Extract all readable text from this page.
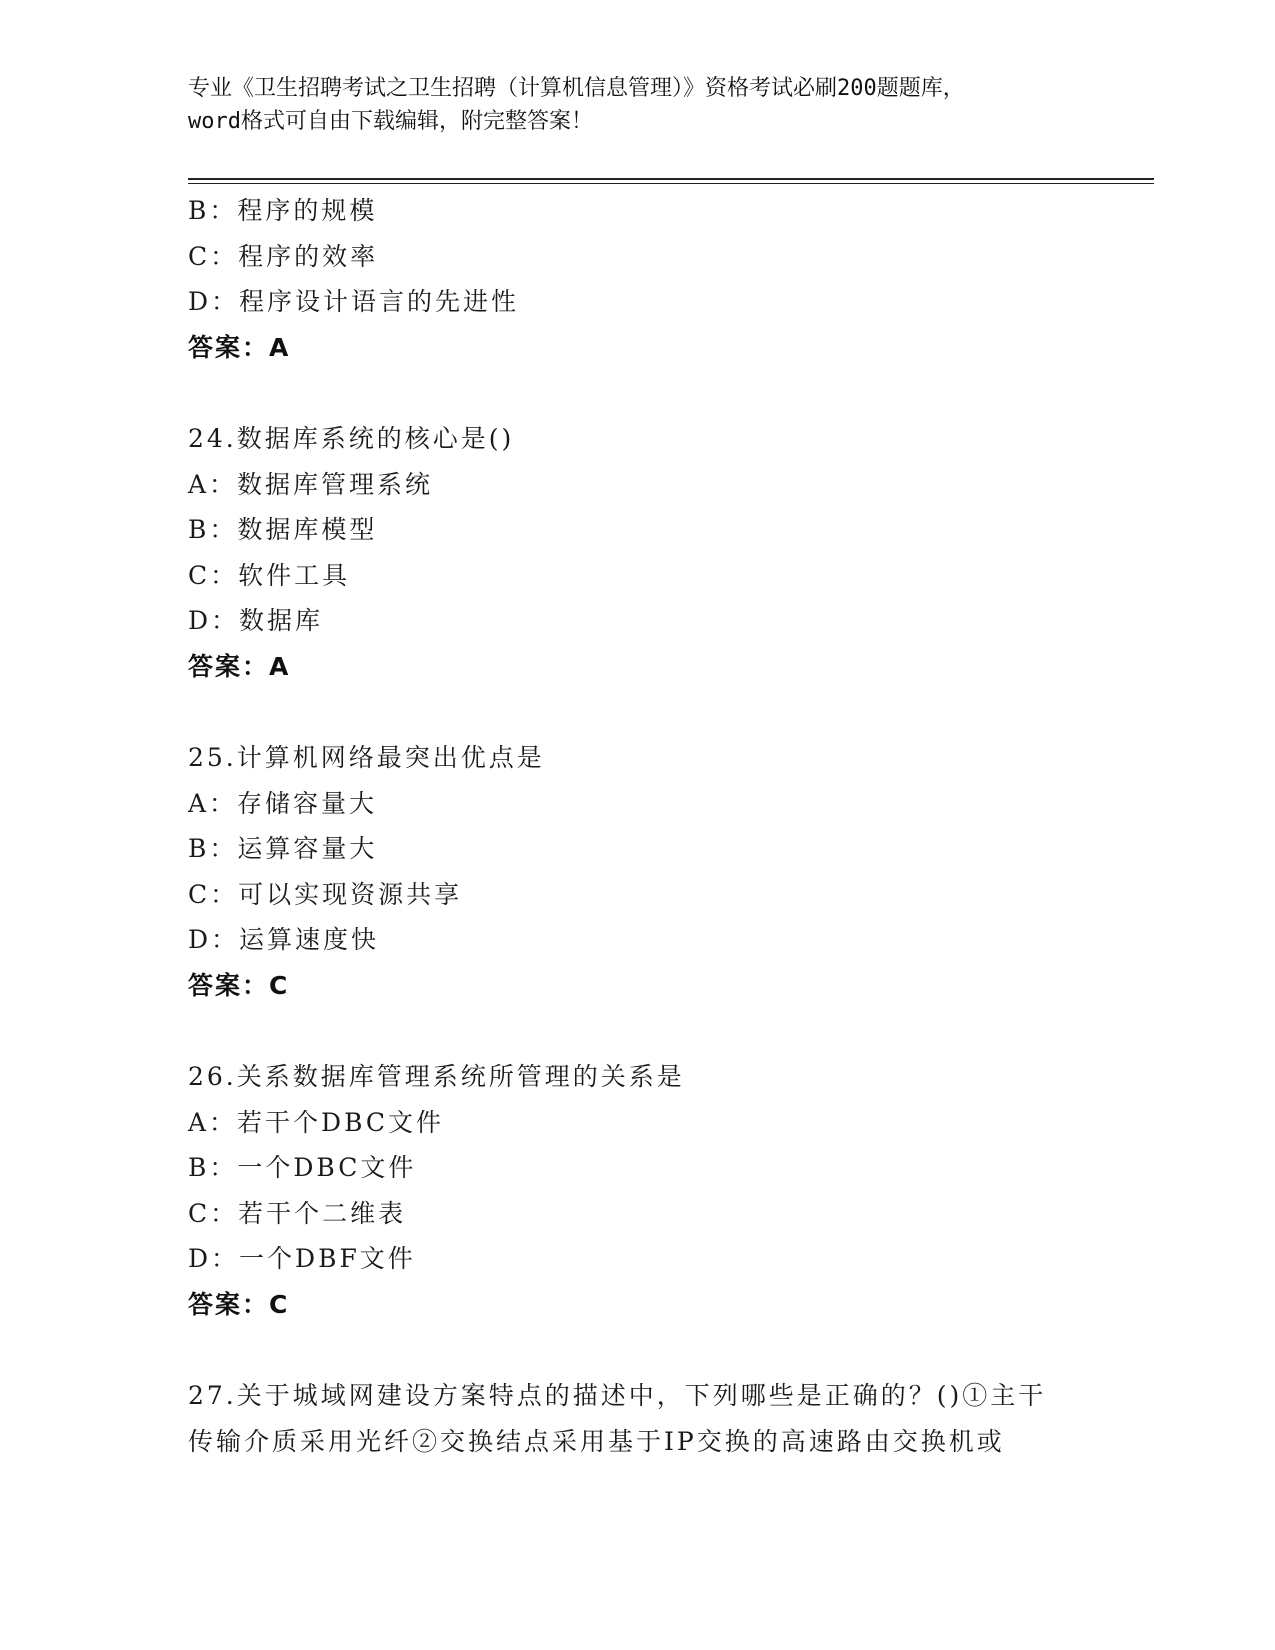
专业《卫生招聘考试之卫生招聘（计算机信息管理）》资格考试必刷200题题库，
word格式可自由下载编辑，附完整答案！
B：程序的规模
C：程序的效率
D：程序设计语言的先进性
答案：A
24.数据库系统的核心是()
A：数据库管理系统
B：数据库模型
C：软件工具
D：数据库
答案：A
25.计算机网络最突出优点是
A：存储容量大
B：运算容量大
C：可以实现资源共享
D：运算速度快
答案：C
26.关系数据库管理系统所管理的关系是
A：若干个DBC文件
B：一个DBC文件
C：若干个二维表
D：一个DBF文件
答案：C
27.关于城域网建设方案特点的描述中，下列哪些是正确的？()①主干
传输介质采用光纤②交换结点采用基于IP交换的高速路由交换机或
